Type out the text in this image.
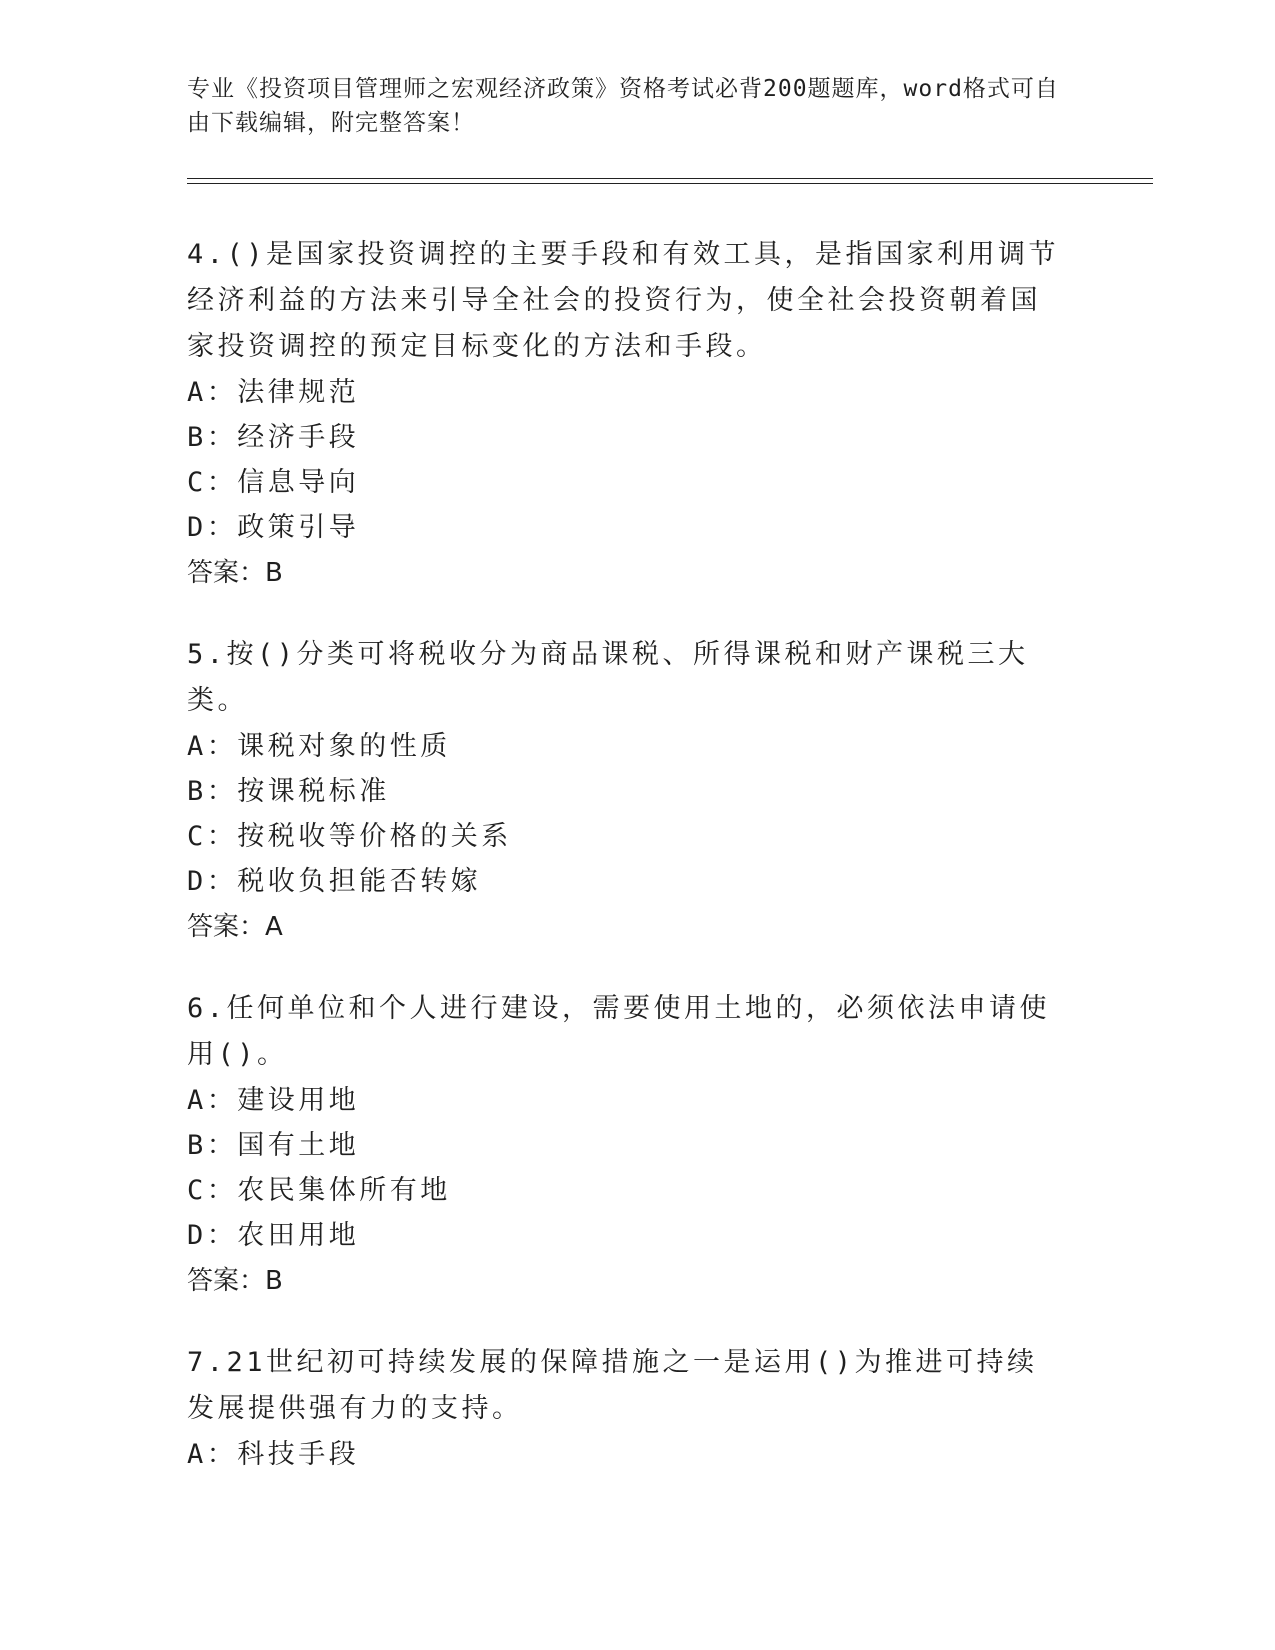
专业《投资项目管理师之宏观经济政策》资格考试必背200题题库，word格式可自由下载编辑，附完整答案！

4.()是国家投资调控的主要手段和有效工具，是指国家利用调节经济利益的方法来引导全社会的投资行为，使全社会投资朝着国家投资调控的预定目标变化的方法和手段。

A：法律规范

B：经济手段

C：信息导向

D：政策引导

答案：B

5.按()分类可将税收分为商品课税、所得课税和财产课税三大类。

A：课税对象的性质

B：按课税标准

C：按税收等价格的关系

D：税收负担能否转嫁

答案：A

6.任何单位和个人进行建设，需要使用土地的，必须依法申请使用()。

A：建设用地

B：国有土地

C：农民集体所有地

D：农田用地

答案：B

7.21世纪初可持续发展的保障措施之一是运用()为推进可持续发展提供强有力的支持。

A：科技手段
